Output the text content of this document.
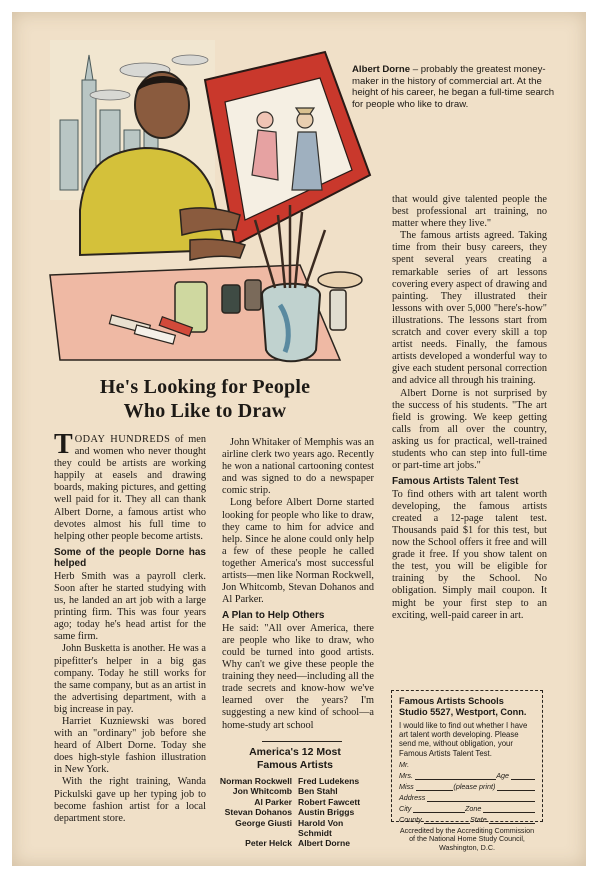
Albert Dorne – probably the greatest money-maker in the history of commercial art. At the height of his career, he began a full-time search for people who like to draw.
He's Looking for People
Who Like to Draw

TODAY HUNDREDS of men and women who never thought they could be artists are working happily at easels and drawing boards, making pictures, and getting well paid for it. They all can thank Albert Dorne, a famous artist who devotes almost his full time to helping other people become artists.

Some of the people Dorne has helped

Herb Smith was a payroll clerk. Soon after he started studying with us, he landed an art job with a large printing firm. This was four years ago; today he's head artist for the same firm.

John Busketta is another. He was a pipefitter's helper in a big gas company. Today he still works for the same company, but as an artist in the advertising department, with a big increase in pay.

Harriet Kuzniewski was bored with an "ordinary" job before she heard of Albert Dorne. Today she does high-style fashion illustration in New York.

With the right training, Wanda Pickulski gave up her typing job to become fashion artist for a local department store.

John Whitaker of Memphis was an airline clerk two years ago. Recently he won a national cartooning contest and was signed to do a newspaper comic strip.

Long before Albert Dorne started looking for people who like to draw, they came to him for advice and help. Since he alone could only help a few of these people he called together America's most successful artists—men like Norman Rockwell, Jon Whitcomb, Stevan Dohanos and Al Parker.

A Plan to Help Others

He said: "All over America, there are people who like to draw, who could be turned into good artists. Why can't we give these people the training they need—including all the trade secrets and know-how we've learned over the years? I'm suggesting a new kind of school—a home-study art school

America's 12 Most
Famous Artists
Norman Rockwell Fred Ludekens
Jon Whitcomb Ben Stahl
Al Parker Robert Fawcett
Stevan Dohanos Austin Briggs
George Giusti Harold Von Schmidt
Peter Helck Albert Dorne

that would give talented people the best professional art training, no matter where they live."

The famous artists agreed. Taking time from their busy careers, they spent several years creating a remarkable series of art lessons covering every aspect of drawing and painting. They illustrated their lessons with over 5,000 "here's-how" illustrations. The lessons start from scratch and cover every skill a top artist needs. Finally, the famous artists developed a wonderful way to give each student personal correction and advice all through his training.

Albert Dorne is not surprised by the success of his students. "The art field is growing. We keep getting calls from all over the country, asking us for practical, well-trained students who can step into full-time or part-time art jobs."

Famous Artists Talent Test

To find others with art talent worth developing, the famous artists created a 12-page talent test. Thousands paid $1 for this test, but now the School offers it free and will grade it free. If you show talent on the test, you will be eligible for training by the School. No obligation. Simply mail coupon. It might be your first step to an exciting, well-paid career in art.

Famous Artists Schools
Studio 5527, Westport, Conn.
I would like to find out whether I have art talent worth developing. Please send me, without obligation, your Famous Artists Talent Test.
Mr.
Mrs.	Age
Miss	(please print)
Address
City	Zone
County	State
Accredited by the Accrediting Commission of the National Home Study Council, Washington, D.C.
